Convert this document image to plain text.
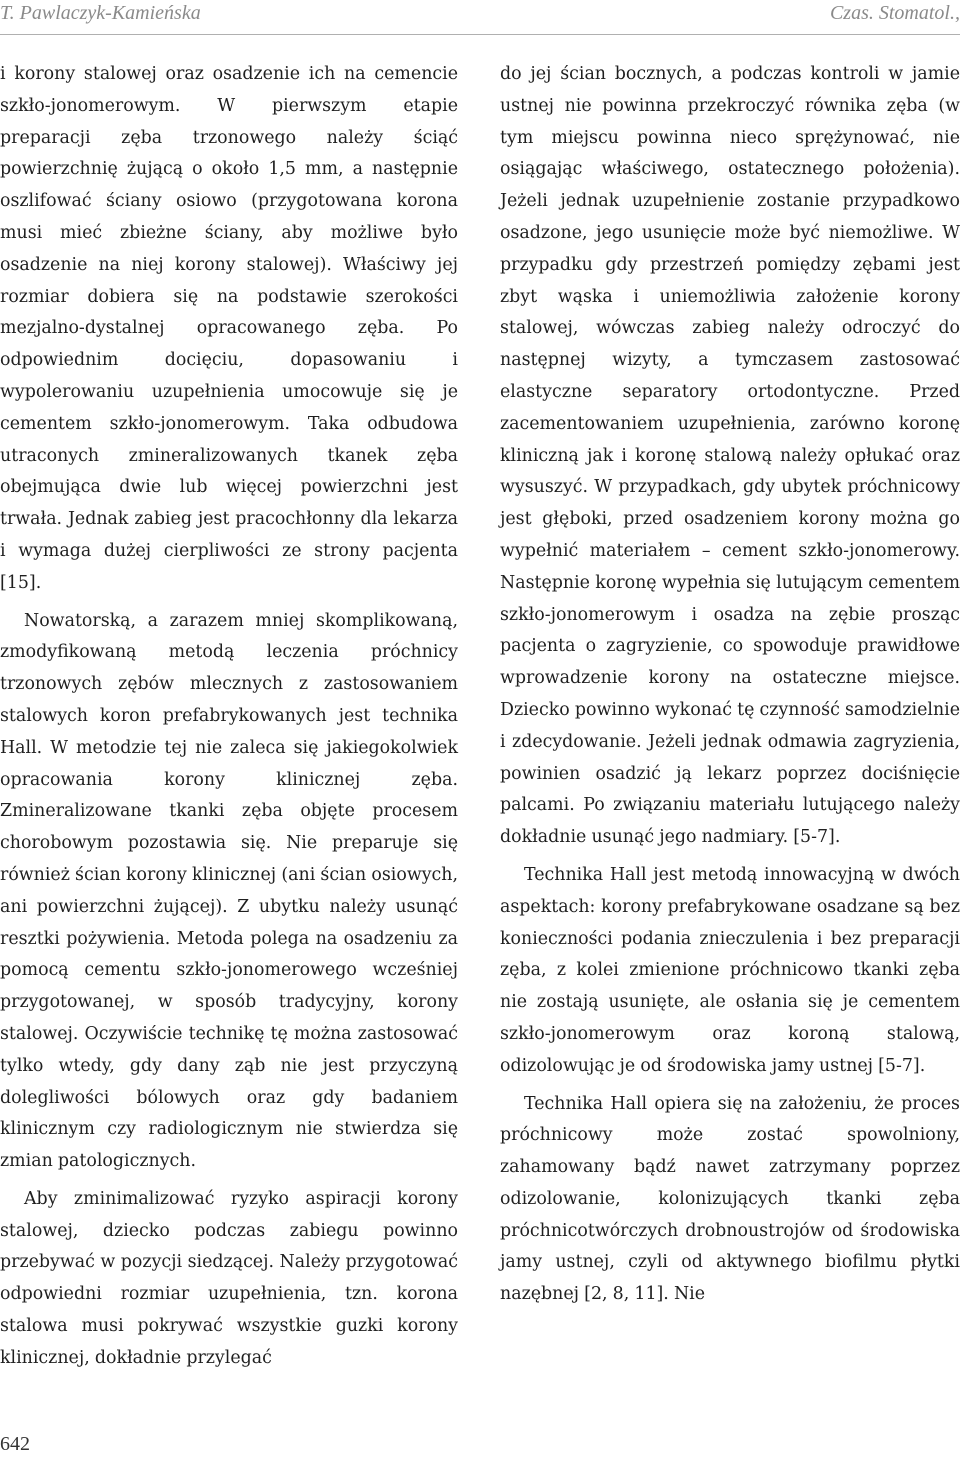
T. Pawlaczyk-Kamieńska	Czas. Stomatol.,

i korony stalowej oraz osadzenie ich na cemencie szkło-jonomerowym. W pierwszym etapie preparacji zęba trzonowego należy ściąć powierzchnię żującą o około 1,5 mm, a następnie oszlifować ściany osiowo (przygotowana korona musi mieć zbieżne ściany, aby możliwe było osadzenie na niej korony stalowej). Właściwy jej rozmiar dobiera się na podstawie szerokości mezjalno-dystalnej opracowanego zęba. Po odpowiednim docięciu, dopasowaniu i wypolerowaniu uzupełnienia umocowuje się je cementem szkło-jonomerowym. Taka odbudowa utraconych zmineralizowanych tkanek zęba obejmująca dwie lub więcej powierzchni jest trwała. Jednak zabieg jest pracochłonny dla lekarza i wymaga dużej cierpliwości ze strony pacjenta [15].

Nowatorską, a zarazem mniej skomplikowaną, zmodyfikowaną metodą leczenia próchnicy trzonowych zębów mlecznych z zastosowaniem stalowych koron prefabrykowanych jest technika Hall. W metodzie tej nie zaleca się jakiegokolwiek opracowania korony klinicznej zęba. Zmineralizowane tkanki zęba objęte procesem chorobowym pozostawia się. Nie preparuje się również ścian korony klinicznej (ani ścian osiowych, ani powierzchni żującej). Z ubytku należy usunąć resztki pożywienia. Metoda polega na osadzeniu za pomocą cementu szkło-jonomerowego wcześniej przygotowanej, w sposób tradycyjny, korony stalowej. Oczywiście technikę tę można zastosować tylko wtedy, gdy dany ząb nie jest przyczyną dolegliwości bólowych oraz gdy badaniem klinicznym czy radiologicznym nie stwierdza się zmian patologicznych.

Aby zminimalizować ryzyko aspiracji korony stalowej, dziecko podczas zabiegu powinno przebywać w pozycji siedzącej. Należy przygotować odpowiedni rozmiar uzupełnienia, tzn. korona stalowa musi pokrywać wszystkie guzki korony klinicznej, dokładnie przylegać

do jej ścian bocznych, a podczas kontroli w jamie ustnej nie powinna przekroczyć równika zęba (w tym miejscu powinna nieco sprężynować, nie osiągając właściwego, ostatecznego położenia). Jeżeli jednak uzupełnienie zostanie przypadkowo osadzone, jego usunięcie może być niemożliwe. W przypadku gdy przestrzeń pomiędzy zębami jest zbyt wąska i uniemożliwia założenie korony stalowej, wówczas zabieg należy odroczyć do następnej wizyty, a tymczasem zastosować elastyczne separatory ortodontyczne. Przed zacementowaniem uzupełnienia, zarówno koronę kliniczną jak i koronę stalową należy opłukać oraz wysuszyć. W przypadkach, gdy ubytek próchnicowy jest głęboki, przed osadzeniem korony można go wypełnić materiałem – cement szkło-jonomerowy. Następnie koronę wypełnia się lutującym cementem szkło-jonomerowym i osadza na zębie prosząc pacjenta o zagryzienie, co spowoduje prawidłowe wprowadzenie korony na ostateczne miejsce. Dziecko powinno wykonać tę czynność samodzielnie i zdecydowanie. Jeżeli jednak odmawia zagryzienia, powinien osadzić ją lekarz poprzez dociśnięcie palcami. Po związaniu materiału lutującego należy dokładnie usunąć jego nadmiary. [5-7].

Technika Hall jest metodą innowacyjną w dwóch aspektach: korony prefabrykowane osadzane są bez konieczności podania znieczulenia i bez preparacji zęba, z kolei zmienione próchnicowo tkanki zęba nie zostają usunięte, ale osłania się je cementem szkło-jonomerowym oraz koroną stalową, odizolowując je od środowiska jamy ustnej [5-7].

Technika Hall opiera się na założeniu, że proces próchnicowy może zostać spowolniony, zahamowany bądź nawet zatrzymany poprzez odizolowanie, kolonizujących tkanki zęba próchnicotwórczych drobnoustrojów od środowiska jamy ustnej, czyli od aktywnego biofilmu płytki nazębnej [2, 8, 11]. Nie

642
